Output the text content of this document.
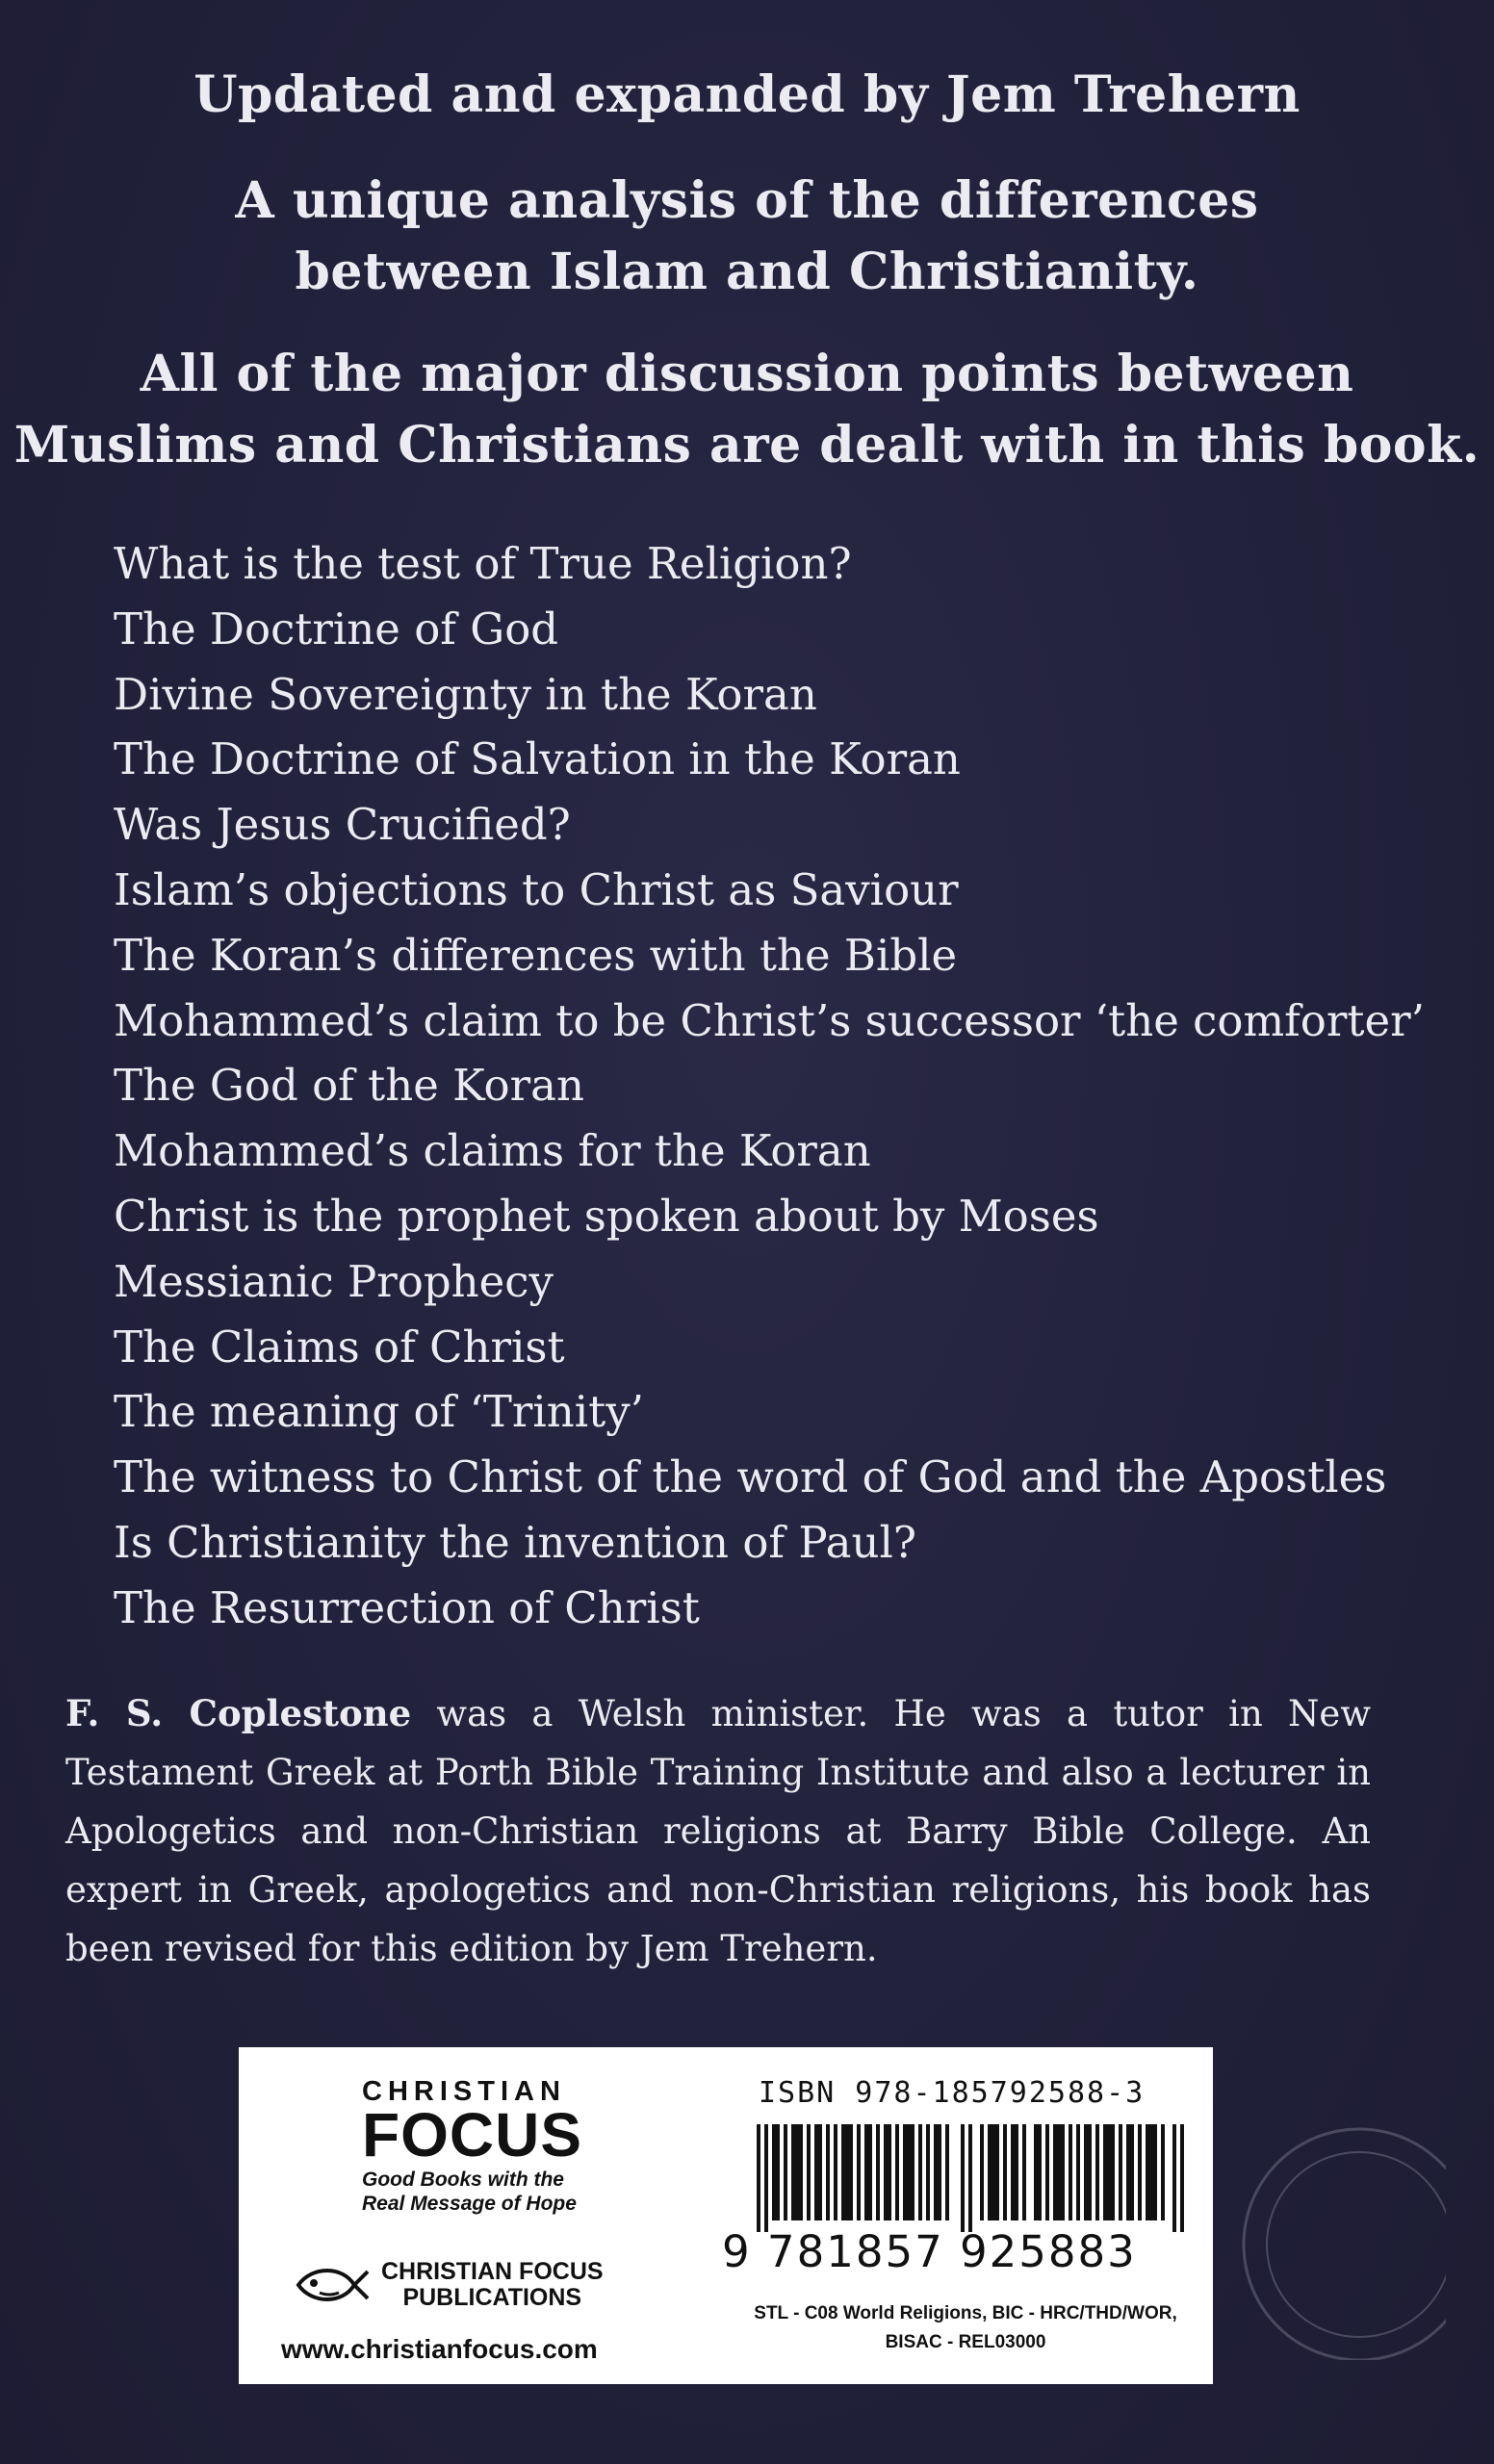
Updated and expanded by Jem Trehern
A unique analysis of the differences
between Islam and Christianity.
All of the major discussion points between
Muslims and Christians are dealt with in this book.
What is the test of True Religion?
The Doctrine of God
Divine Sovereignty in the Koran
The Doctrine of Salvation in the Koran
Was Jesus Crucified?
Islam’s objections to Christ as Saviour
The Koran’s differences with the Bible
Mohammed’s claim to be Christ’s successor ‘the comforter’
The God of the Koran
Mohammed’s claims for the Koran
Christ is the prophet spoken about by Moses
Messianic Prophecy
The Claims of Christ
The meaning of ‘Trinity’
The witness to Christ of the word of God and the Apostles
Is Christianity the invention of Paul?
The Resurrection of Christ

F. S. Coplestone was a Welsh minister. He was a tutor in New Testament Greek at Porth Bible Training Institute and also a lecturer in Apologetics and non-Christian religions at Barry Bible College. An expert in Greek, apologetics and non-Christian religions, his book has been revised for this edition by Jem Trehern.

CHRISTIAN
FOCUS
Good Books with the
Real Message of Hope
CHRISTIAN FOCUS
PUBLICATIONS
www.christianfocus.com
ISBN 978-185792588-3
9 781857 925883
STL - C08 World Religions, BIC - HRC/THD/WOR,
BISAC - REL03000
